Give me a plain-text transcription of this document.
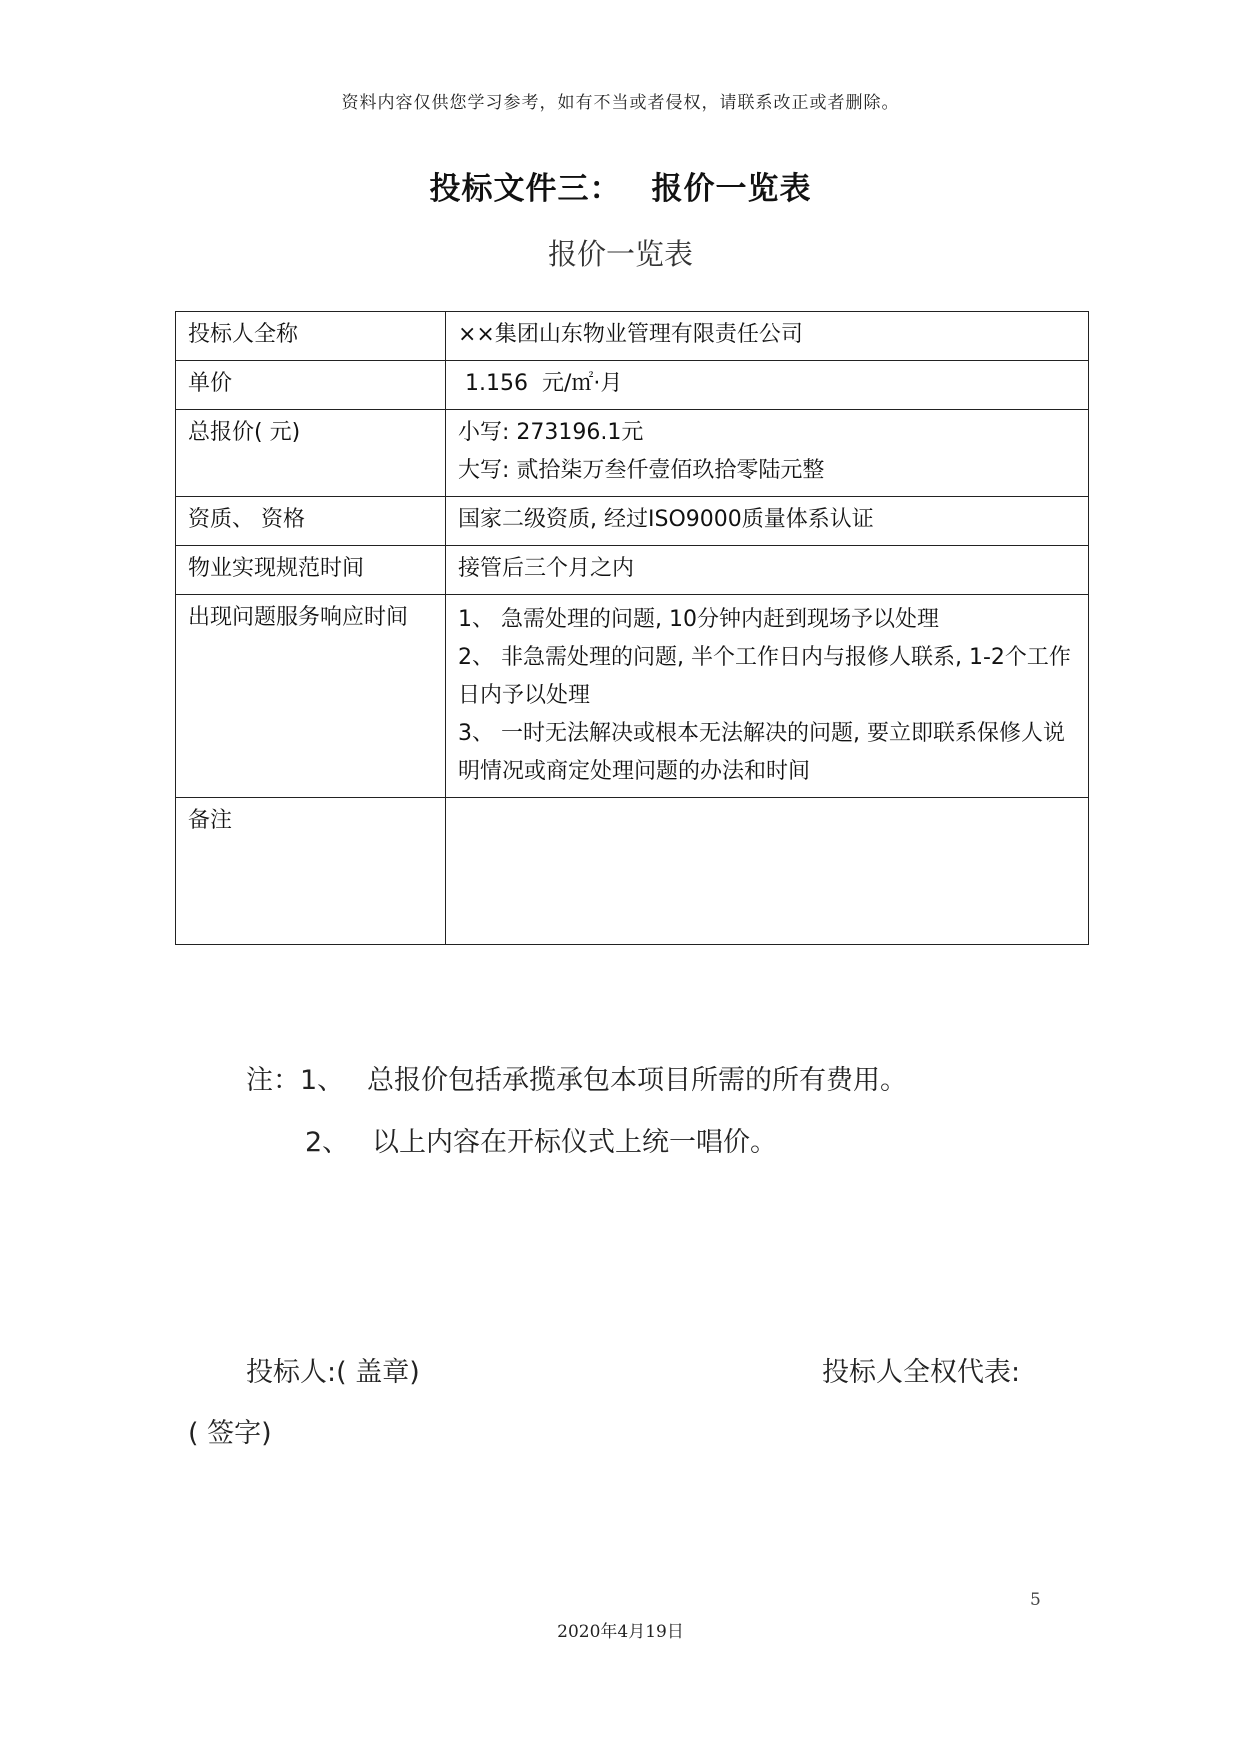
资料内容仅供您学习参考，如有不当或者侵权，请联系改正或者删除。
投标文件三： 报价一览表
报价一览表
投标人全称	××集团山东物业管理有限责任公司
单价	1.156  元/㎡·月
总报价( 元)	小写: 273196.1元
大写: 贰拾柒万叁仟壹佰玖拾零陆元整

资质、 资格	国家二级资质, 经过ISO9000质量体系认证
物业实现规范时间	接管后三个月之内
出现问题服务响应时间	1、 急需处理的问题, 10分钟内赶到现场予以处理
2、 非急需处理的问题, 半个工作日内与报修人联系, 1-2个工作日内予以处理
3、 一时无法解决或根本无法解决的问题, 要立即联系保修人说明情况或商定处理问题的办法和时间

备注	
注：1、 总报价包括承揽承包本项目所需的所有费用。
2、 以上内容在开标仪式上统一唱价。
投标人:( 盖章)	投标人全权代表:
( 签字)
5
2020年4月19日
